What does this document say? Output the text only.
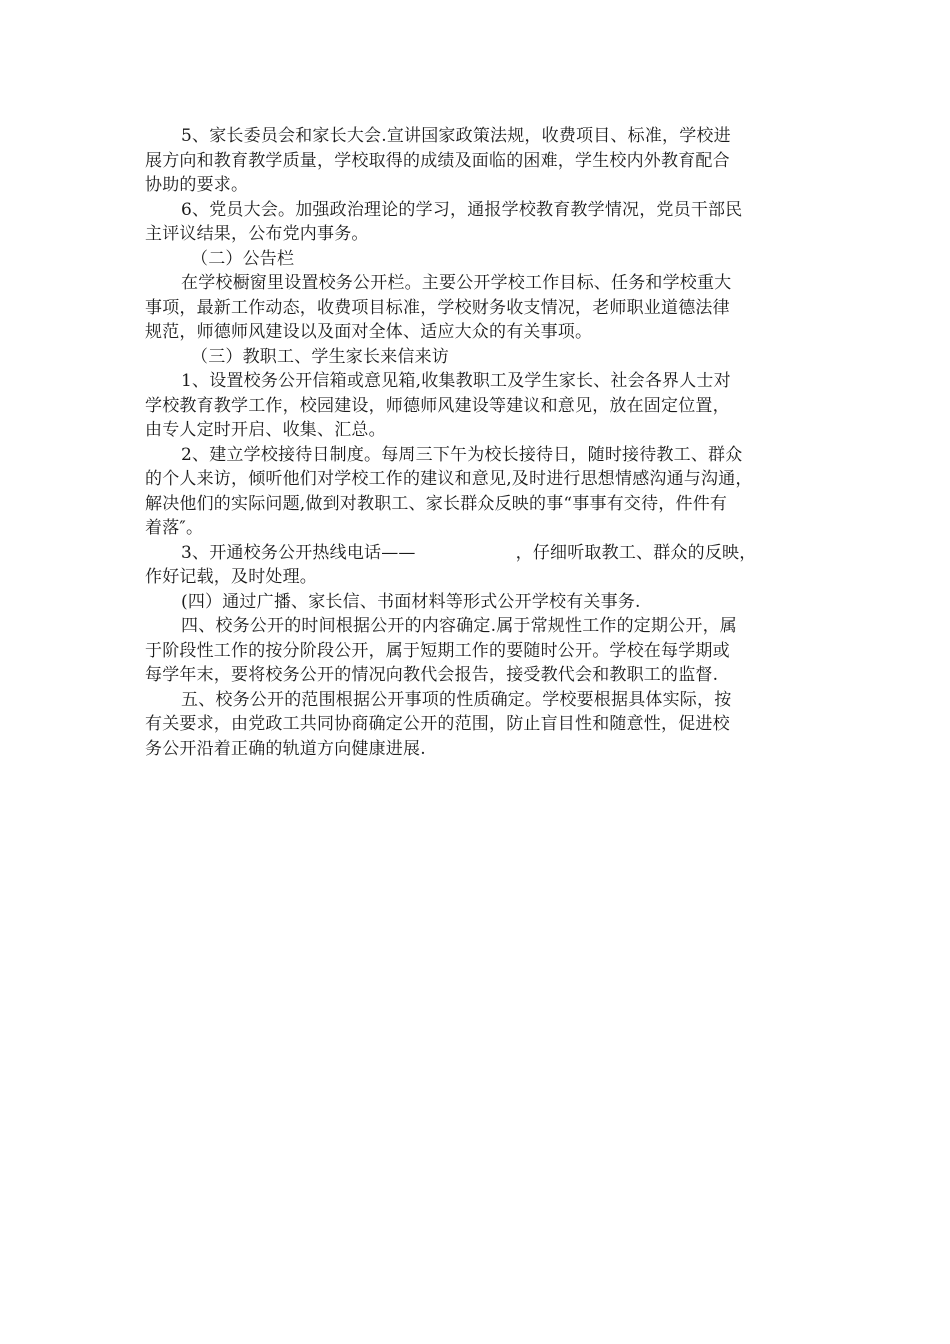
5、家长委员会和家长大会.宣讲国家政策法规，收费项目、标准，学校进
展方向和教育教学质量，学校取得的成绩及面临的困难，学生校内外教育配合
协助的要求。
6、党员大会。加强政治理论的学习，通报学校教育教学情况，党员干部民
主评议结果，公布党内事务。
（二）公告栏
在学校橱窗里设置校务公开栏。主要公开学校工作目标、任务和学校重大
事项，最新工作动态，收费项目标准，学校财务收支情况，老师职业道德法律
规范，师德师风建设以及面对全体、适应大众的有关事项。
（三）教职工、学生家长来信来访
1、设置校务公开信箱或意见箱,收集教职工及学生家长、社会各界人士对
学校教育教学工作，校园建设，师德师风建设等建议和意见，放在固定位置，
由专人定时开启、收集、汇总。
2、建立学校接待日制度。每周三下午为校长接待日，随时接待教工、群众
的个人来访，倾听他们对学校工作的建议和意见,及时进行思想情感沟通与沟通，
解决他们的实际问题,做到对教职工、家长群众反映的事“事事有交待，件件有
着落″。
3、开通校务公开热线电话——	，仔细听取教工、群众的反映，
作好记载，及时处理。
(四）通过广播、家长信、书面材料等形式公开学校有关事务.
四、校务公开的时间根据公开的内容确定.属于常规性工作的定期公开，属
于阶段性工作的按分阶段公开，属于短期工作的要随时公开。学校在每学期或
每学年末，要将校务公开的情况向教代会报告，接受教代会和教职工的监督.
五、校务公开的范围根据公开事项的性质确定。学校要根据具体实际，按
有关要求，由党政工共同协商确定公开的范围，防止盲目性和随意性，促进校
务公开沿着正确的轨道方向健康进展.
